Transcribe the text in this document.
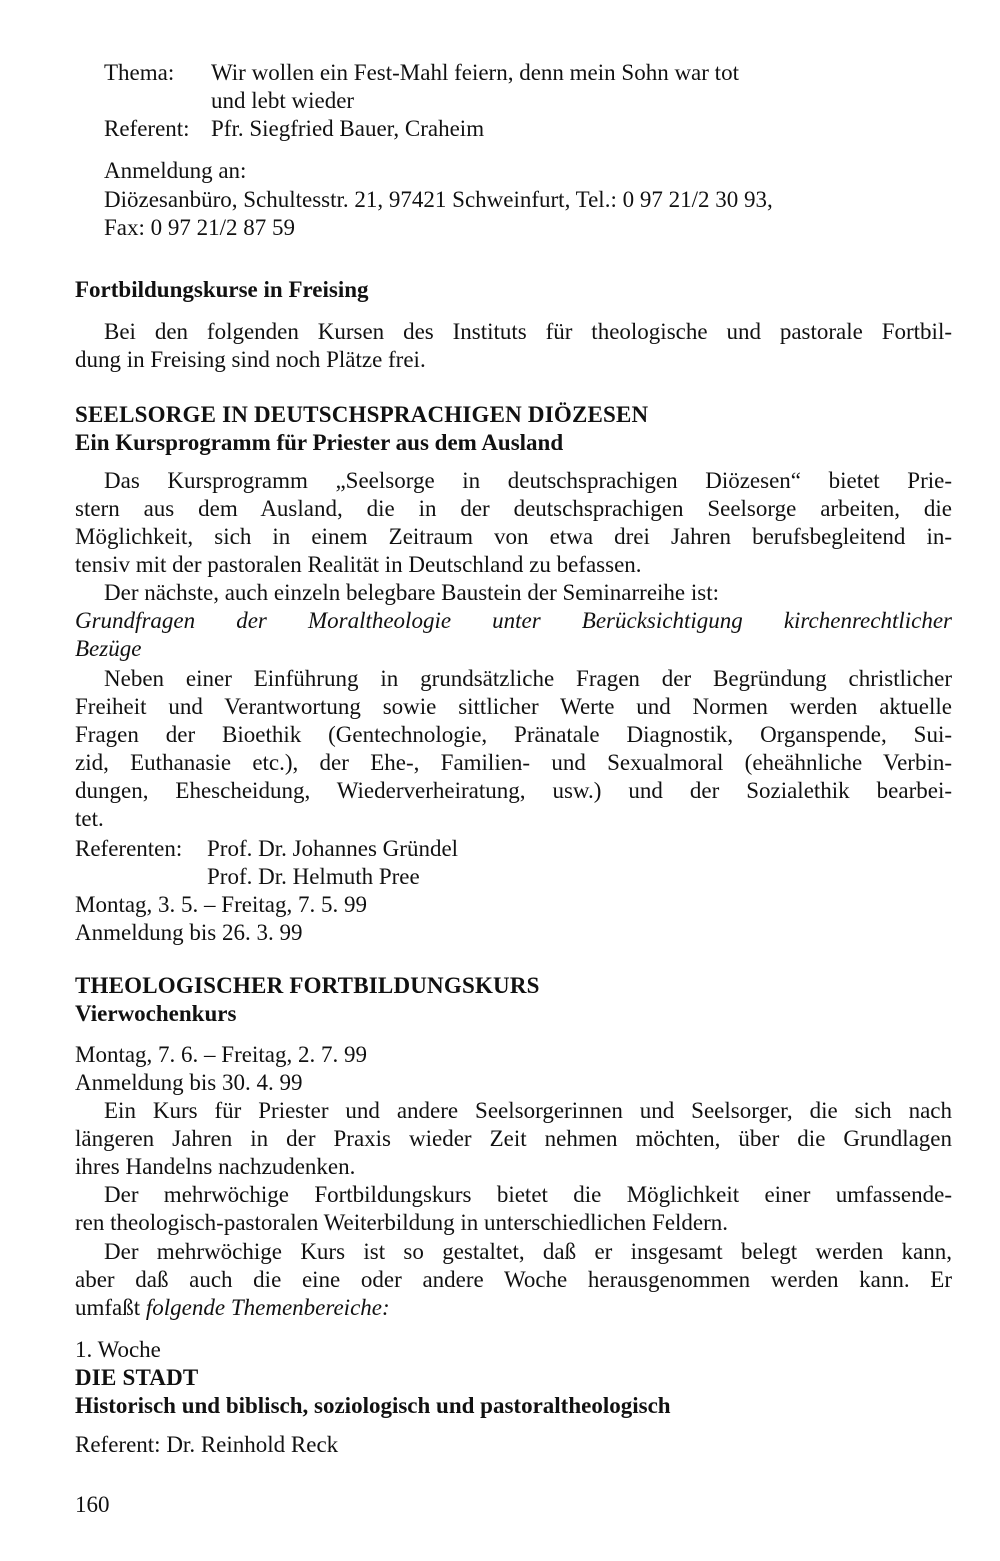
Thema: Wir wollen ein Fest-Mahl feiern, denn mein Sohn war tot
und lebt wieder
Referent: Pfr. Siegfried Bauer, Craheim
Anmeldung an:
Diözesanbüro, Schultesstr. 21, 97421 Schweinfurt, Tel.: 0 97 21/2 30 93,
Fax: 0 97 21/2 87 59
Fortbildungskurse in Freising
Bei den folgenden Kursen des Instituts für theologische und pastorale Fortbil-
dung in Freising sind noch Plätze frei.
SEELSORGE IN DEUTSCHSPRACHIGEN DIÖZESEN
Ein Kursprogramm für Priester aus dem Ausland
Das Kursprogramm „Seelsorge in deutschsprachigen Diözesen“ bietet Prie-
stern aus dem Ausland, die in der deutschsprachigen Seelsorge arbeiten, die
Möglichkeit, sich in einem Zeitraum von etwa drei Jahren berufsbegleitend in-
tensiv mit der pastoralen Realität in Deutschland zu befassen.
Der nächste, auch einzeln belegbare Baustein der Seminarreihe ist:
Grundfragen der Moraltheologie unter Berücksichtigung kirchenrechtlicher
Bezüge
Neben einer Einführung in grundsätzliche Fragen der Begründung christlicher
Freiheit und Verantwortung sowie sittlicher Werte und Normen werden aktuelle
Fragen der Bioethik (Gentechnologie, Pränatale Diagnostik, Organspende, Sui-
zid, Euthanasie etc.), der Ehe-, Familien- und Sexualmoral (eheähnliche Verbin-
dungen, Ehescheidung, Wiederverheiratung, usw.) und der Sozialethik bearbei-
tet.
Referenten: Prof. Dr. Johannes Gründel
Prof. Dr. Helmuth Pree
Montag, 3. 5. – Freitag, 7. 5. 99
Anmeldung bis 26. 3. 99
THEOLOGISCHER FORTBILDUNGSKURS
Vierwochenkurs
Montag, 7. 6. – Freitag, 2. 7. 99
Anmeldung bis 30. 4. 99
Ein Kurs für Priester und andere Seelsorgerinnen und Seelsorger, die sich nach
längeren Jahren in der Praxis wieder Zeit nehmen möchten, über die Grundlagen
ihres Handelns nachzudenken.
Der mehrwöchige Fortbildungskurs bietet die Möglichkeit einer umfassende-
ren theologisch-pastoralen Weiterbildung in unterschiedlichen Feldern.
Der mehrwöchige Kurs ist so gestaltet, daß er insgesamt belegt werden kann,
aber daß auch die eine oder andere Woche herausgenommen werden kann. Er
umfaßt folgende Themenbereiche:
1. Woche
DIE STADT
Historisch und biblisch, soziologisch und pastoraltheologisch
Referent: Dr. Reinhold Reck
160
